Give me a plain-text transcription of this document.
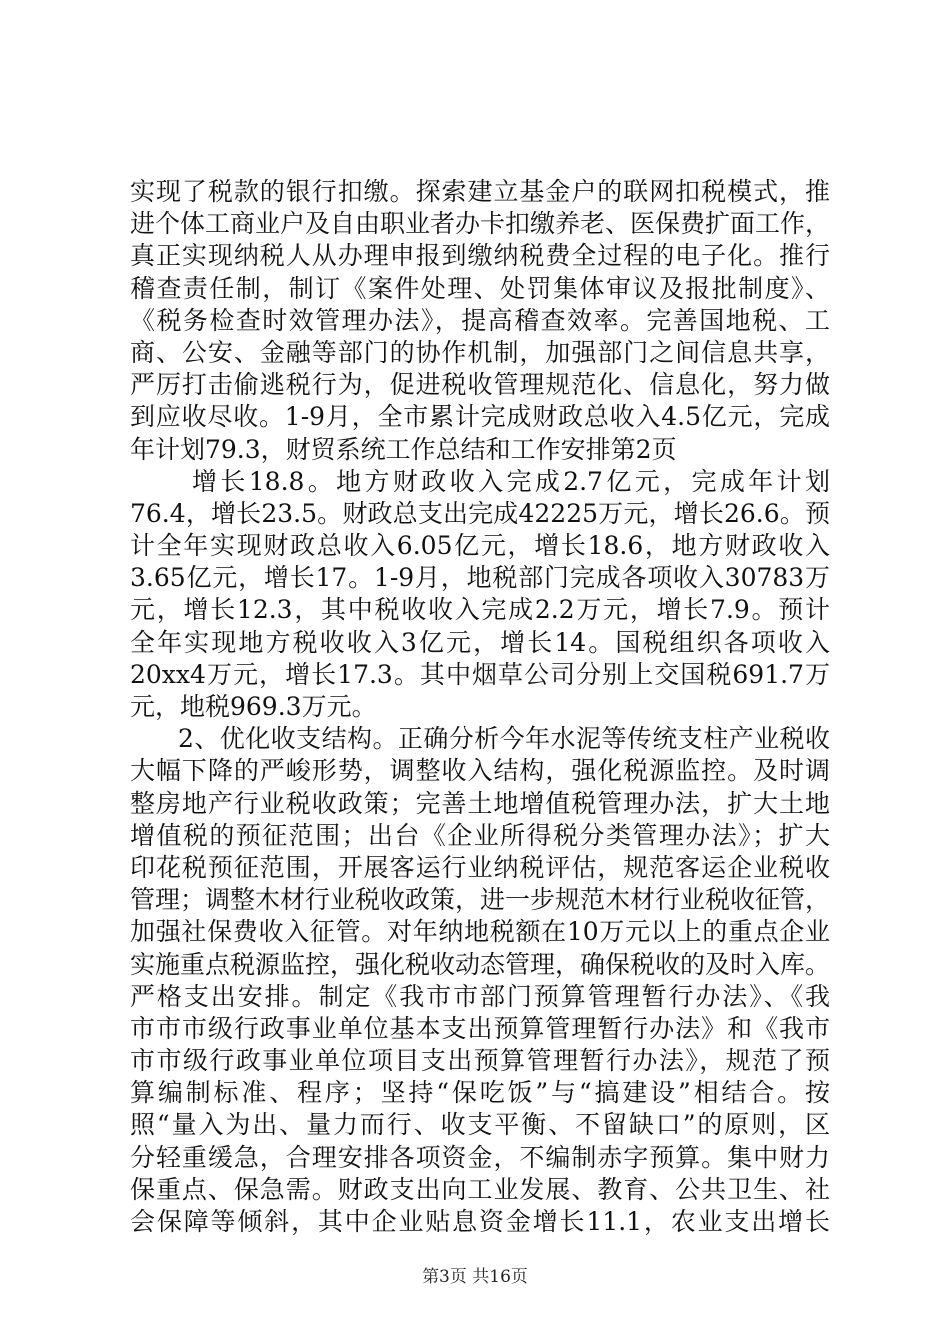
实现了税款的银行扣缴。探索建立基金户的联网扣税模式，推
进个体工商业户及自由职业者办卡扣缴养老、医保费扩面工作，
真正实现纳税人从办理申报到缴纳税费全过程的电子化。推行
稽查责任制，制订《案件处理、处罚集体审议及报批制度》、
《税务检查时效管理办法》，提高稽查效率。完善国地税、工
商、公安、金融等部门的协作机制，加强部门之间信息共享，
严厉打击偷逃税行为，促进税收管理规范化、信息化，努力做
到应收尽收。1-9月，全市累计完成财政总收入4.5亿元，完成
年计划79.3，财贸系统工作总结和工作安排第2页
增长18.8。地方财政收入完成2.7亿元，完成年计划
76.4，增长23.5。财政总支出完成42225万元，增长26.6。预
计全年实现财政总收入6.05亿元，增长18.6，地方财政收入
3.65亿元，增长17。1-9月，地税部门完成各项收入30783万
元，增长12.3，其中税收收入完成2.2万元，增长7.9。预计
全年实现地方税收收入3亿元，增长14。国税组织各项收入
20xx4万元，增长17.3。其中烟草公司分别上交国税691.7万
元，地税969.3万元。
2、优化收支结构。正确分析今年水泥等传统支柱产业税收
大幅下降的严峻形势，调整收入结构，强化税源监控。及时调
整房地产行业税收政策；完善土地增值税管理办法，扩大土地
增值税的预征范围；出台《企业所得税分类管理办法》；扩大
印花税预征范围，开展客运行业纳税评估，规范客运企业税收
管理；调整木材行业税收政策，进一步规范木材行业税收征管，
加强社保费收入征管。对年纳地税额在10万元以上的重点企业
实施重点税源监控，强化税收动态管理，确保税收的及时入库。
严格支出安排。制定《我市市部门预算管理暂行办法》、《我
市市市级行政事业单位基本支出预算管理暂行办法》和《我市
市市级行政事业单位项目支出预算管理暂行办法》，规范了预
算编制标准、程序；坚持“保吃饭”与“搞建设”相结合。按
照“量入为出、量力而行、收支平衡、不留缺口”的原则，区
分轻重缓急，合理安排各项资金，不编制赤字预算。集中财力
保重点、保急需。财政支出向工业发展、教育、公共卫生、社
会保障等倾斜，其中企业贴息资金增长11.1，农业支出增长
第3页 共16页
